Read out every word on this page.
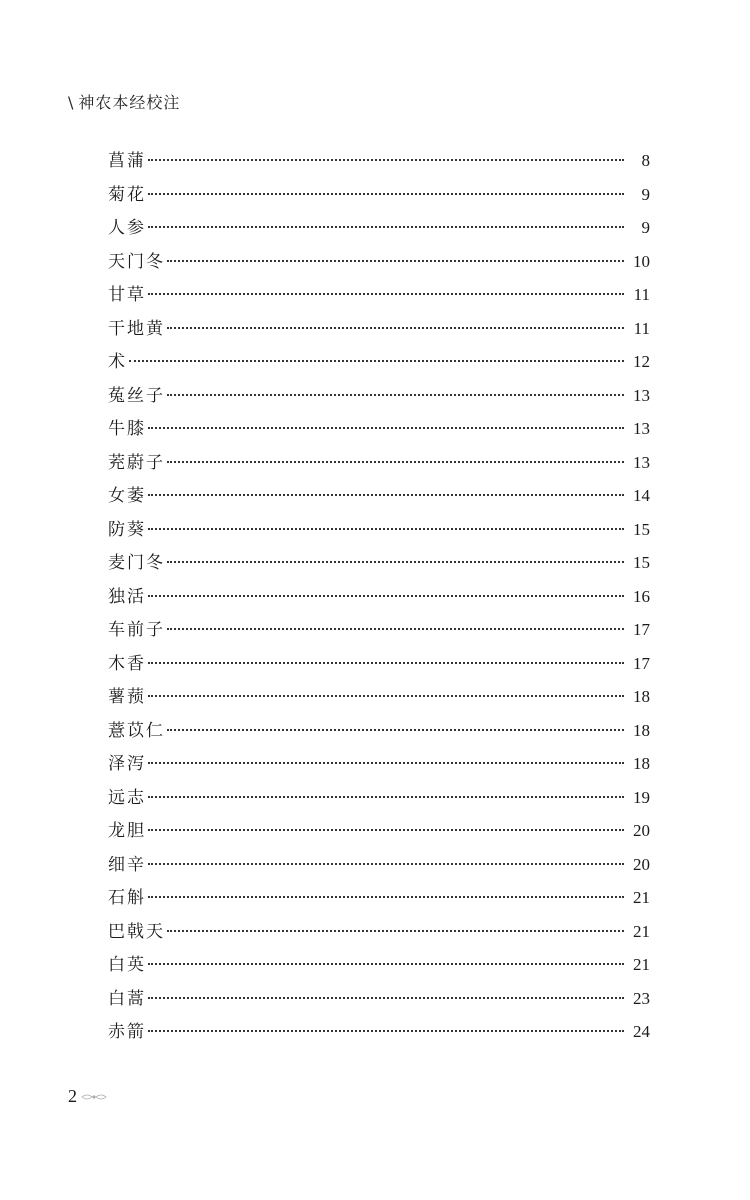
\ 神农本经校注
菖蒲	8
菊花	9
人参	9
天门冬	10
甘草	11
干地黄	11
术	12
菟丝子	13
牛膝	13
茺蔚子	13
女萎	14
防葵	15
麦门冬	15
独活	16
车前子	17
木香	17
薯蓣	18
薏苡仁	18
泽泻	18
远志	19
龙胆	20
细辛	20
石斛	21
巴戟天	21
白英	21
白蒿	23
赤箭	24
2
